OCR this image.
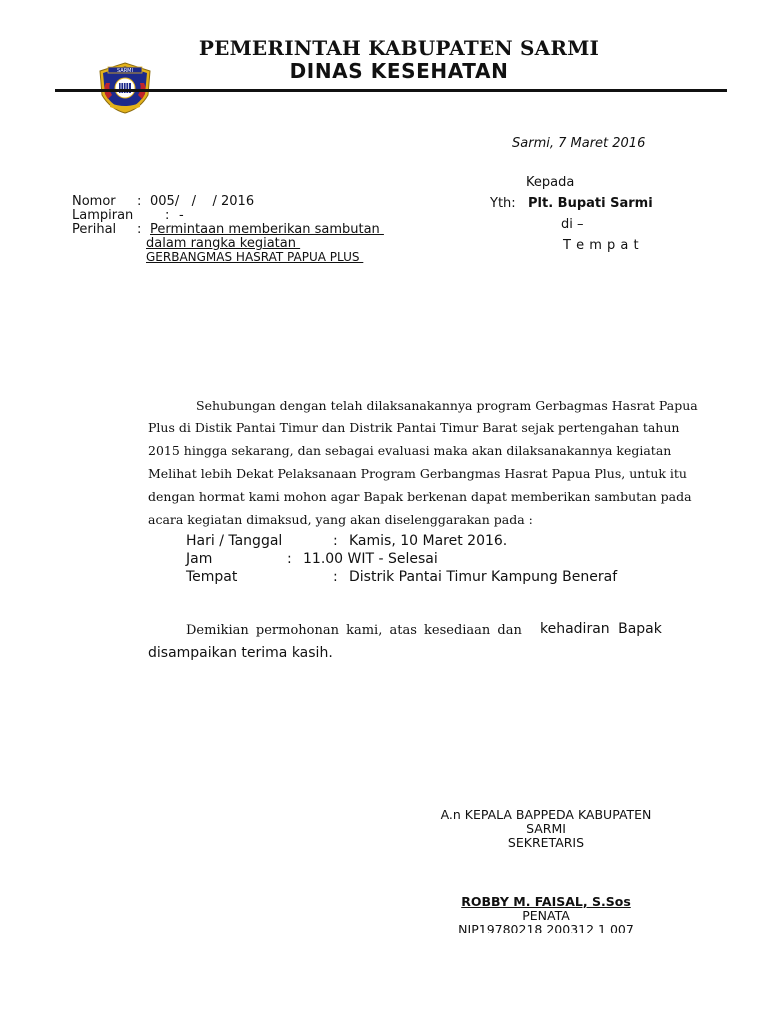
SARMI
PEMERINTAH KABUPATEN SARMI
DINAS KESEHATAN
Sarmi, 7 Maret 2016
Kepada
Yth: Plt. Bupati Sarmi
di –
T e m p a t
Nomor : 005/   /    / 2016
Lampiran : -
Perihal : Permintaan memberikan sambutan
dalam rangka kegiatan
GERBANGMAS HASRAT PAPUA PLUS
Sehubungan dengan telah dilaksanakannya program Gerbagmas Hasrat Papua
Plus di Distik Pantai Timur dan Distrik Pantai Timur Barat sejak pertengahan tahun
2015 hingga sekarang, dan sebagai evaluasi maka akan dilaksanakannya kegiatan
Melihat lebih Dekat Pelaksanaan Program Gerbangmas Hasrat Papua Plus, untuk itu
dengan hormat kami mohon agar Bapak berkenan dapat memberikan sambutan pada
acara kegiatan dimaksud, yang akan diselenggarakan pada :
Hari / Tanggal	: Kamis, 10 Maret 2016.
Jam	: 11.00 WIT - Selesai
Tempat	: Distrik Pantai Timur Kampung Beneraf
Demikian permohonan kami, atas kesediaan dan kehadiran Bapak
disampaikan terima kasih.
A.n KEPALA BAPPEDA KABUPATEN
SARMI
SEKRETARIS
ROBBY M. FAISAL, S.Sos
PENATA
NIP19780218 200312 1 007
